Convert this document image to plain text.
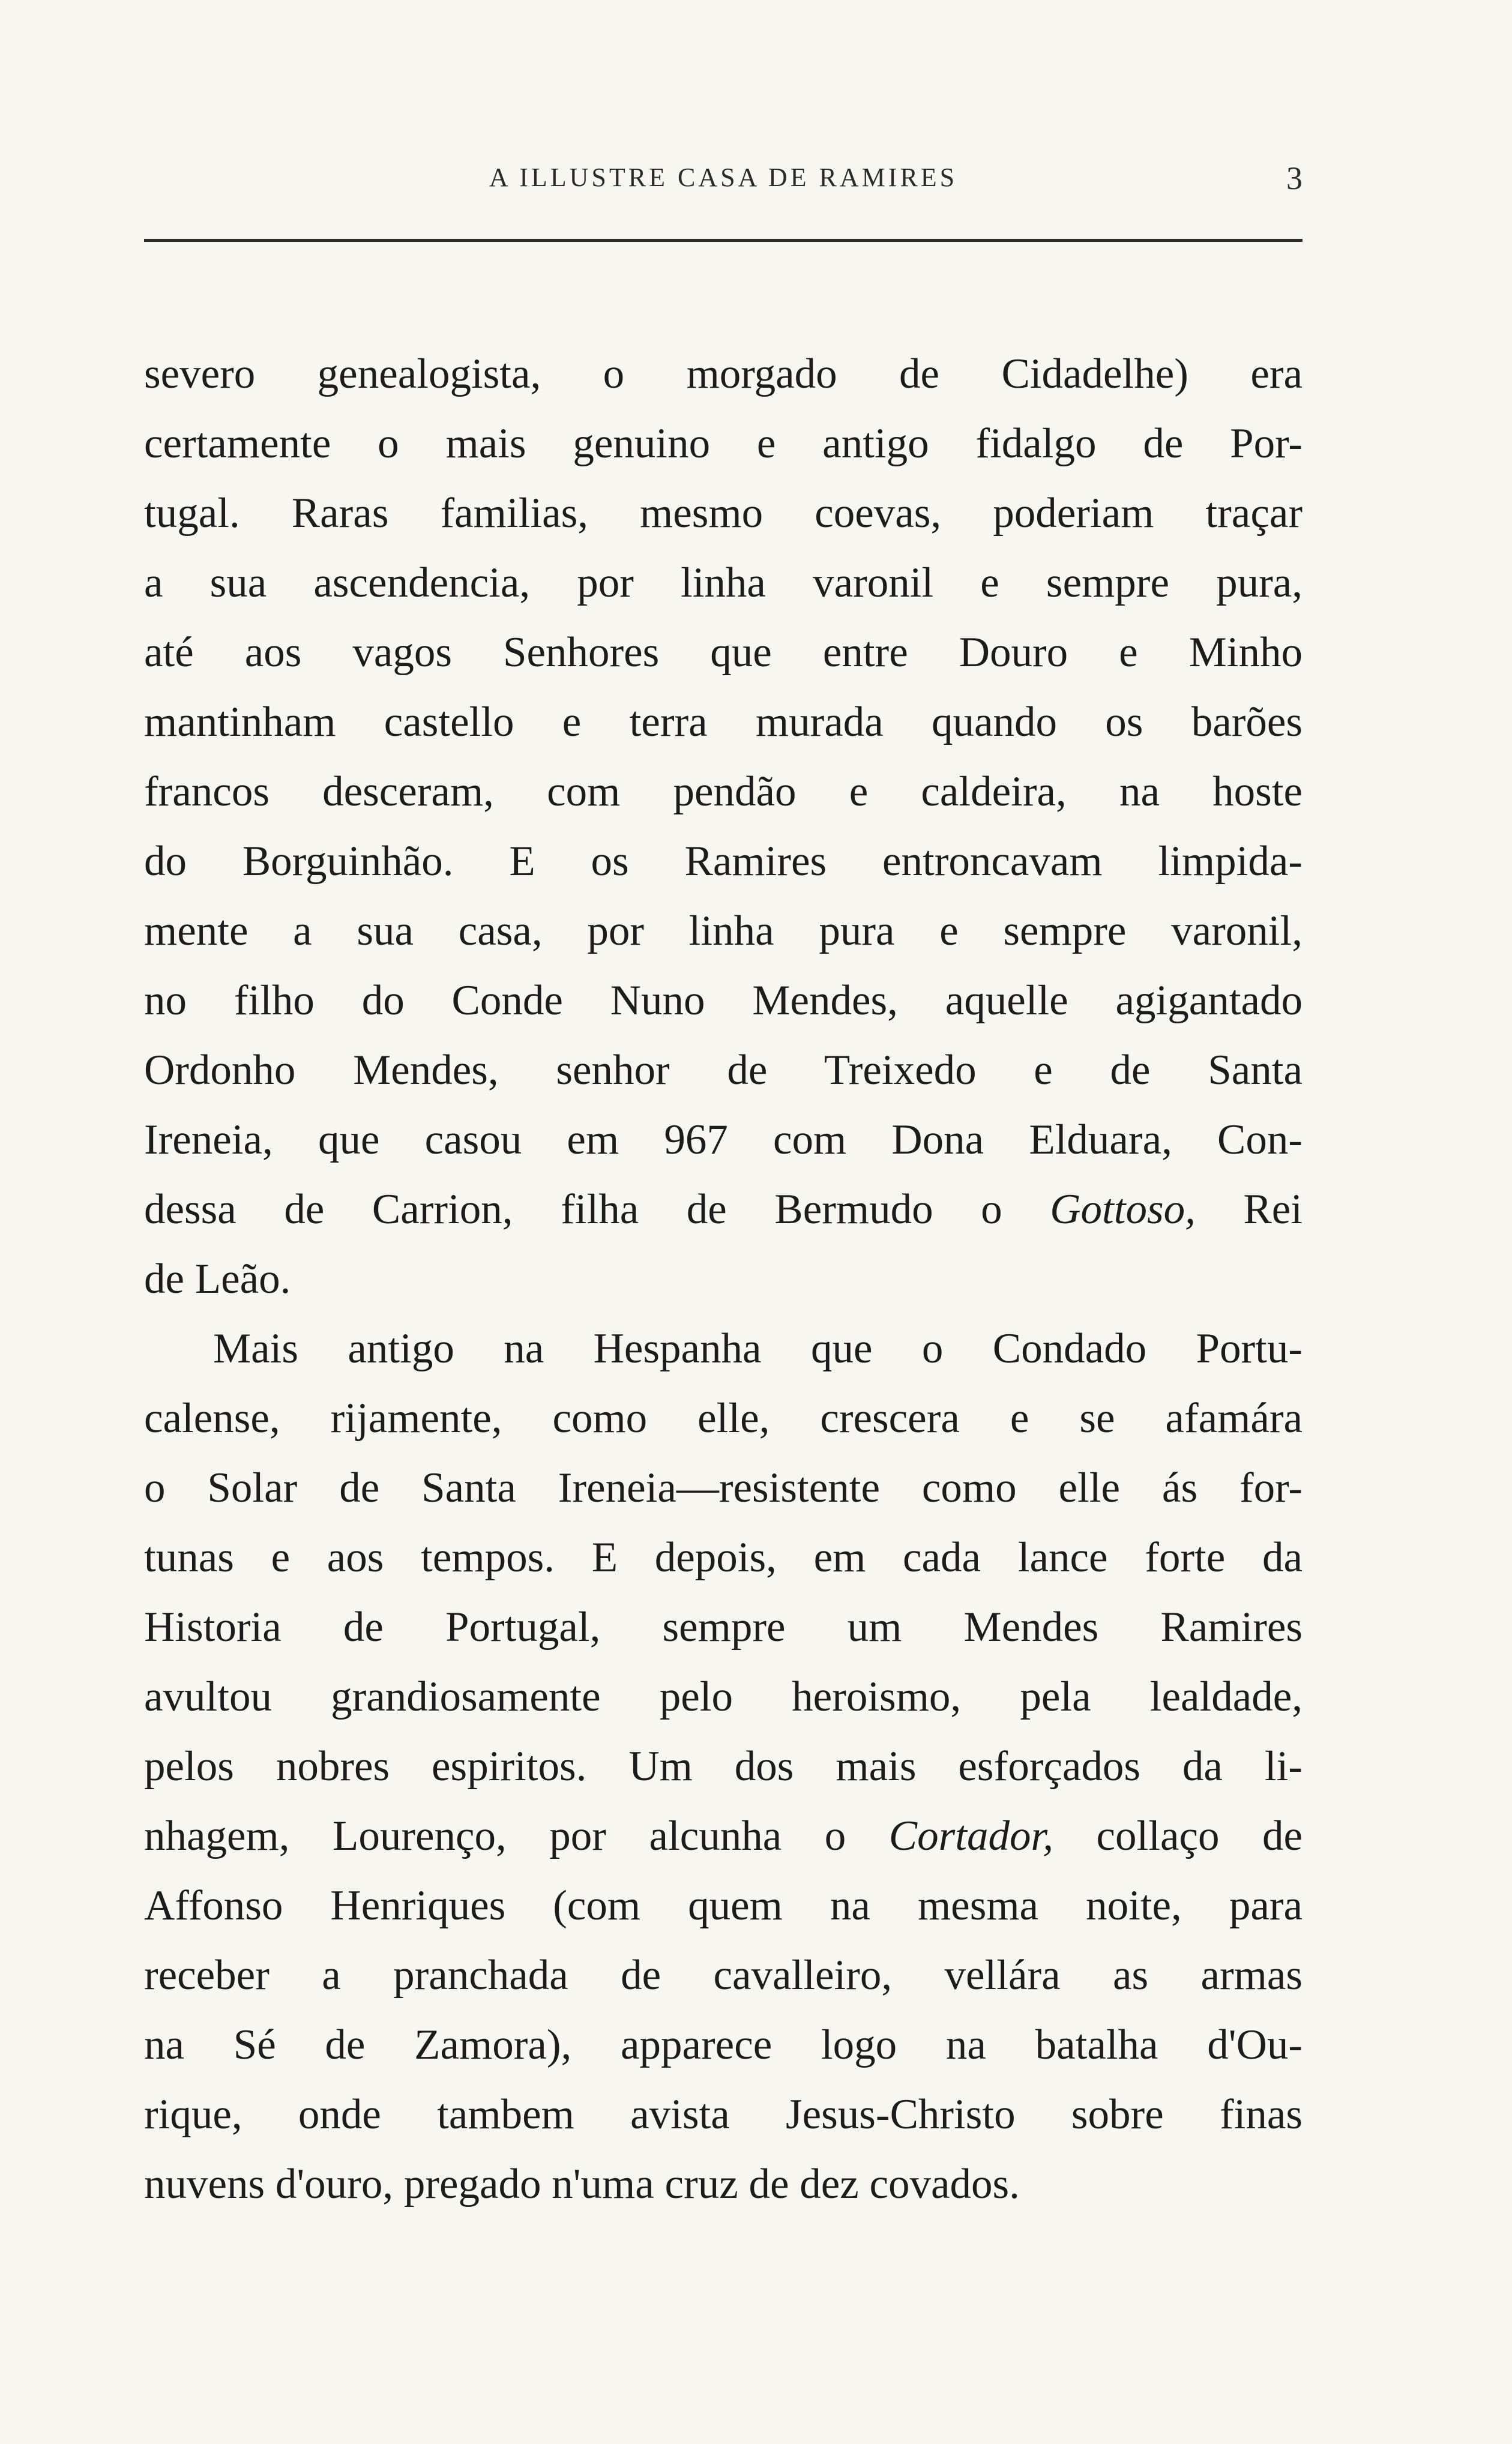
A ILLUSTRE CASA DE RAMIRES	3
severo genealogista, o morgado de Cidadelhe) era
certamente o mais genuino e antigo fidalgo de Por-
tugal. Raras familias, mesmo coevas, poderiam traçar
a sua ascendencia, por linha varonil e sempre pura,
até aos vagos Senhores que entre Douro e Minho
mantinham castello e terra murada quando os barões
francos desceram, com pendão e caldeira, na hoste
do Borguinhão. E os Ramires entroncavam limpida-
mente a sua casa, por linha pura e sempre varonil,
no filho do Conde Nuno Mendes, aquelle agigantado
Ordonho Mendes, senhor de Treixedo e de Santa
Ireneia, que casou em 967 com Dona Elduara, Con-
dessa de Carrion, filha de Bermudo o Gottoso, Rei
de Leão.
Mais antigo na Hespanha que o Condado Portu-
calense, rijamente, como elle, crescera e se afamára
o Solar de Santa Ireneia—resistente como elle ás for-
tunas e aos tempos. E depois, em cada lance forte da
Historia de Portugal, sempre um Mendes Ramires
avultou grandiosamente pelo heroismo, pela lealdade,
pelos nobres espiritos. Um dos mais esforçados da li-
nhagem, Lourenço, por alcunha o Cortador, collaço de
Affonso Henriques (com quem na mesma noite, para
receber a pranchada de cavalleiro, vellára as armas
na Sé de Zamora), apparece logo na batalha d'Ou-
rique, onde tambem avista Jesus-Christo sobre finas
nuvens d'ouro, pregado n'uma cruz de dez covados.
